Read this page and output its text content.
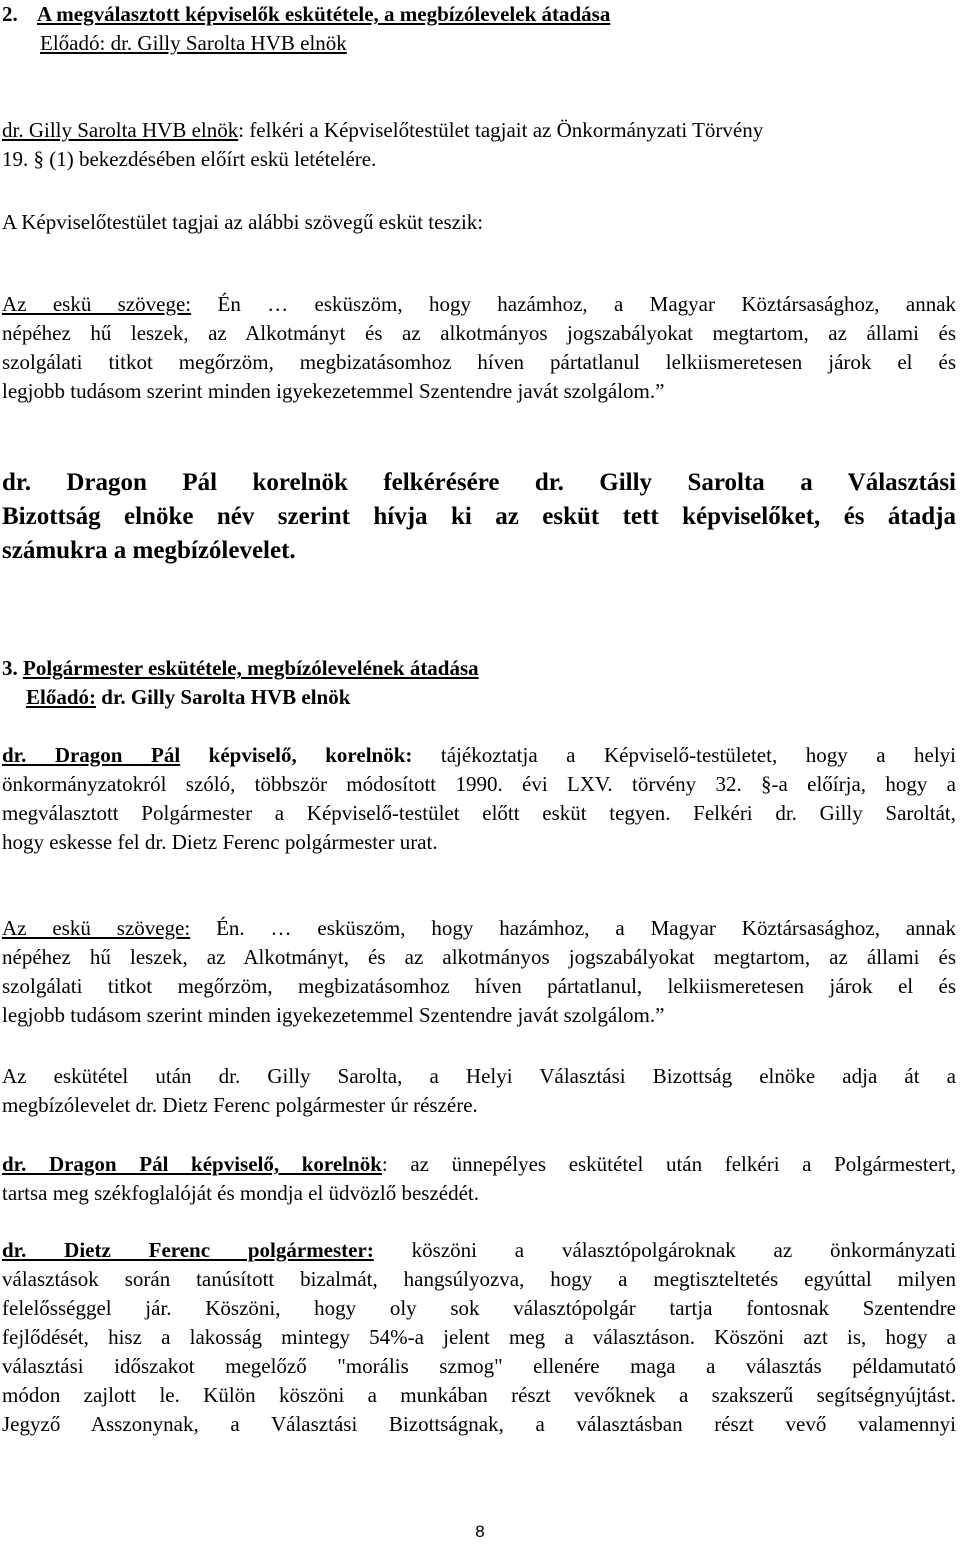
2. A megválasztott képviselők eskütétele, a megbízólevelek átadása
Előadó: dr. Gilly Sarolta HVB elnök
dr. Gilly Sarolta HVB elnök: felkéri a Képviselőtestület tagjait az Önkormányzati Törvény
19. § (1) bekezdésében előírt eskü letételére.
A Képviselőtestület tagjai az alábbi szövegű esküt teszik:
Az eskü szövege: Én … esküszöm, hogy hazámhoz, a Magyar Köztársasághoz, annak
népéhez hű leszek, az Alkotmányt és az alkotmányos jogszabályokat megtartom, az állami és
szolgálati titkot megőrzöm, megbizatásomhoz híven pártatlanul lelkiismeretesen járok el és
legjobb tudásom szerint minden igyekezetemmel Szentendre javát szolgálom.”
dr. Dragon Pál korelnök felkérésére dr. Gilly Sarolta a Választási
Bizottság elnöke név szerint hívja ki az esküt tett képviselőket, és átadja
számukra a megbízólevelet.
3. Polgármester eskütétele, megbízólevelének átadása
Előadó: dr. Gilly Sarolta HVB elnök
dr. Dragon Pál képviselő, korelnök: tájékoztatja a Képviselő-testületet, hogy a helyi
önkormányzatokról szóló, többször módosított 1990. évi LXV. törvény 32. §-a előírja, hogy a
megválasztott Polgármester a Képviselő-testület előtt esküt tegyen. Felkéri dr. Gilly Saroltát,
hogy eskesse fel dr. Dietz Ferenc polgármester urat.
Az eskü szövege: Én. … esküszöm, hogy hazámhoz, a Magyar Köztársasághoz, annak
népéhez hű leszek, az Alkotmányt, és az alkotmányos jogszabályokat megtartom, az állami és
szolgálati titkot megőrzöm, megbizatásomhoz híven pártatlanul, lelkiismeretesen járok el és
legjobb tudásom szerint minden igyekezetemmel Szentendre javát szolgálom.”
Az eskütétel után dr. Gilly Sarolta, a Helyi Választási Bizottság elnöke adja át a
megbízólevelet dr. Dietz Ferenc polgármester úr részére.
dr. Dragon Pál képviselő, korelnök: az ünnepélyes eskütétel után felkéri a Polgármestert,
tartsa meg székfoglalóját és mondja el üdvözlő beszédét.
dr. Dietz Ferenc polgármester: köszöni a választópolgároknak az önkormányzati
választások során tanúsított bizalmát, hangsúlyozva, hogy a megtiszteltetés egyúttal milyen
felelősséggel jár. Köszöni, hogy oly sok választópolgár tartja fontosnak Szentendre
fejlődését, hisz a lakosság mintegy 54%-a jelent meg a választáson. Köszöni azt is, hogy a
választási időszakot megelőző "morális szmog" ellenére maga a választás példamutató
módon zajlott le. Külön köszöni a munkában részt vevőknek a szakszerű segítségnyújtást.
Jegyző Asszonynak, a Választási Bizottságnak, a választásban részt vevő valamennyi
8
